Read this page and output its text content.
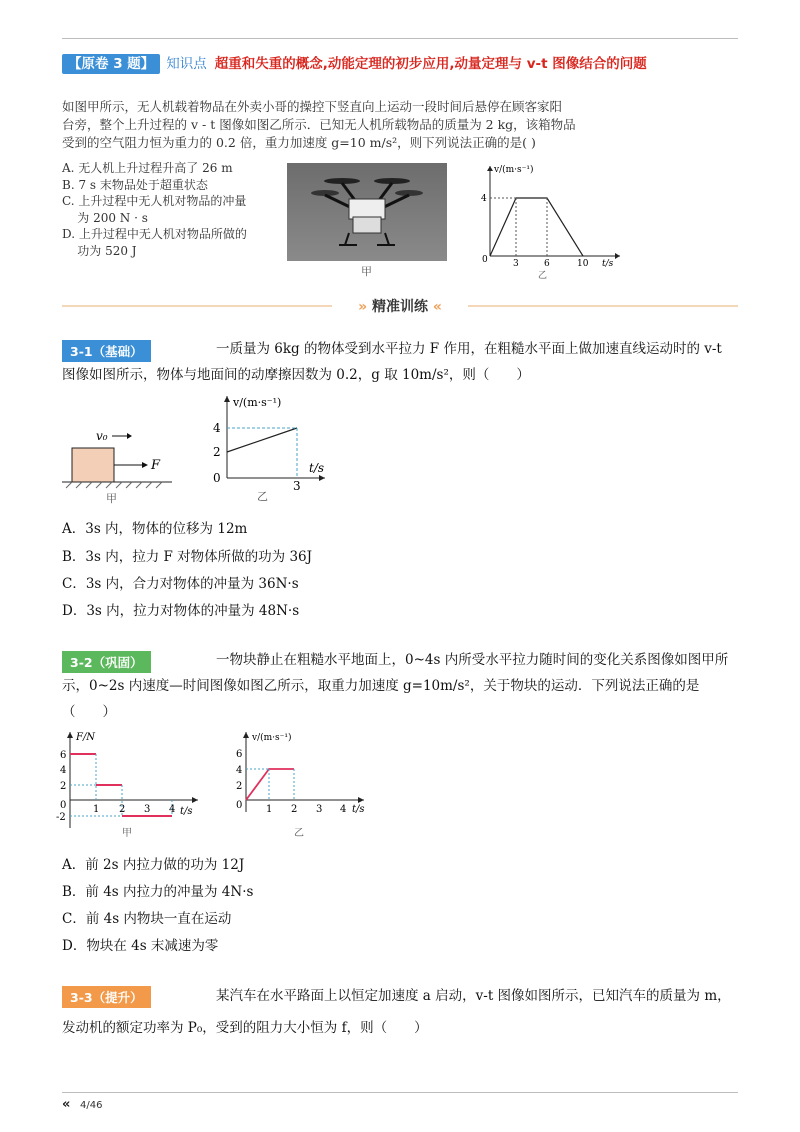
【原卷 3 题】 知识点 超重和失重的概念,动能定理的初步应用,动量定理与 v-t 图像结合的问题
如图甲所示，无人机载着物品在外卖小哥的操控下竖直向上运动一段时间后悬停在顾客家阳
台旁，整个上升过程的 v - t 图像如图乙所示．已知无人机所载物品的质量为 2 kg，该箱物品
受到的空气阻力恒为重力的 0.2 倍，重力加速度 g=10 m/s²，则下列说法正确的是( )
A. 无人机上升过程升高了 26 m
B. 7 s 末物品处于超重状态
C. 上升过程中无人机对物品的冲量
为 200 N · s
D. 上升过程中无人机对物品所做的
功为 520 J
甲
v/(m·s⁻¹)
t/s
4
0	3	6	10
乙
» 精准训练 «
3-1（基础）	一质量为 6kg 的物体受到水平拉力 F 作用，在粗糙水平面上做加速直线运动时的 v-t 图像如图所示，物体与地面间的动摩擦因数为 0.2，g 取 10m/s²，则（　　）
v₀
F
甲
v/(m·s⁻¹)
t/s
4
2
0
3
乙
A．3s 内，物体的位移为 12m
B．3s 内，拉力 F 对物体所做的功为 36J
C．3s 内，合力对物体的冲量为 36N·s
D．3s 内，拉力对物体的冲量为 48N·s
3-2（巩固）	一物块静止在粗糙水平地面上，0~4s 内所受水平拉力随时间的变化关系图像如图甲所示，0~2s 内速度—时间图像如图乙所示，取重力加速度 g=10m/s²，关于物块的运动．下列说法正确的是（　　）
F/N
t/s
6
4
2
0
-2
1 2 3 4
甲
v/(m·s⁻¹)
t/s
6
4
2
0 1 2 3 4
乙
A．前 2s 内拉力做的功为 12J
B．前 4s 内拉力的冲量为 4N·s
C．前 4s 内物块一直在运动
D．物块在 4s 末减速为零
3-3（提升）	某汽车在水平路面上以恒定加速度 a 启动，v-t 图像如图所示，已知汽车的质量为 m，发动机的额定功率为 P₀，受到的阻力大小恒为 f，则（　　）
« 4/46
